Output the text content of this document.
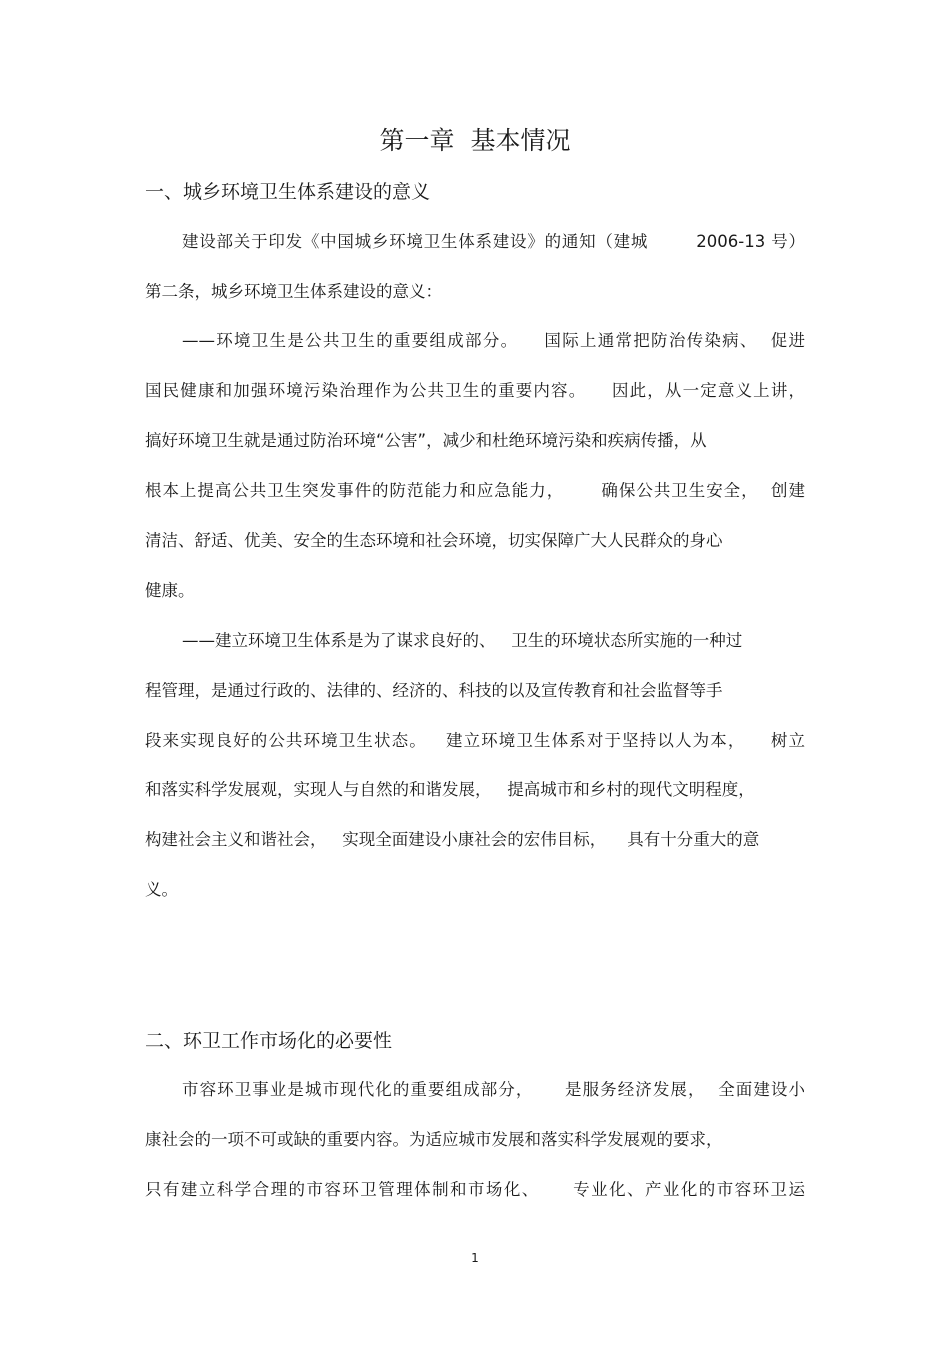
第一章  基本情况
一、城乡环境卫生体系建设的意义
建设部关于印发《中国城乡环境卫生体系建设》的通知（建城        2006-13 号）
第二条，城乡环境卫生体系建设的意义：
——环境卫生是公共卫生的重要组成部分。    国际上通常把防治传染病、  促进
国民健康和加强环境污染治理作为公共卫生的重要内容。    因此，从一定意义上讲，
搞好环境卫生就是通过防治环境“公害”，减少和杜绝环境污染和疾病传播，从
根本上提高公共卫生突发事件的防范能力和应急能力，      确保公共卫生安全，  创建
清洁、舒适、优美、安全的生态环境和社会环境，切实保障广大人民群众的身心
健康。
——建立环境卫生体系是为了谋求良好的、   卫生的环境状态所实施的一种过
程管理，是通过行政的、法律的、经济的、科技的以及宣传教育和社会监督等手
段来实现良好的公共环境卫生状态。   建立环境卫生体系对于坚持以人为本，    树立
和落实科学发展观，实现人与自然的和谐发展，   提高城市和乡村的现代文明程度，
构建社会主义和谐社会，   实现全面建设小康社会的宏伟目标，    具有十分重大的意
义。
二、环卫工作市场化的必要性
市容环卫事业是城市现代化的重要组成部分，     是服务经济发展，  全面建设小
康社会的一项不可或缺的重要内容。为适应城市发展和落实科学发展观的要求，
只有建立科学合理的市容环卫管理体制和市场化、     专业化、产业化的市容环卫运
1
